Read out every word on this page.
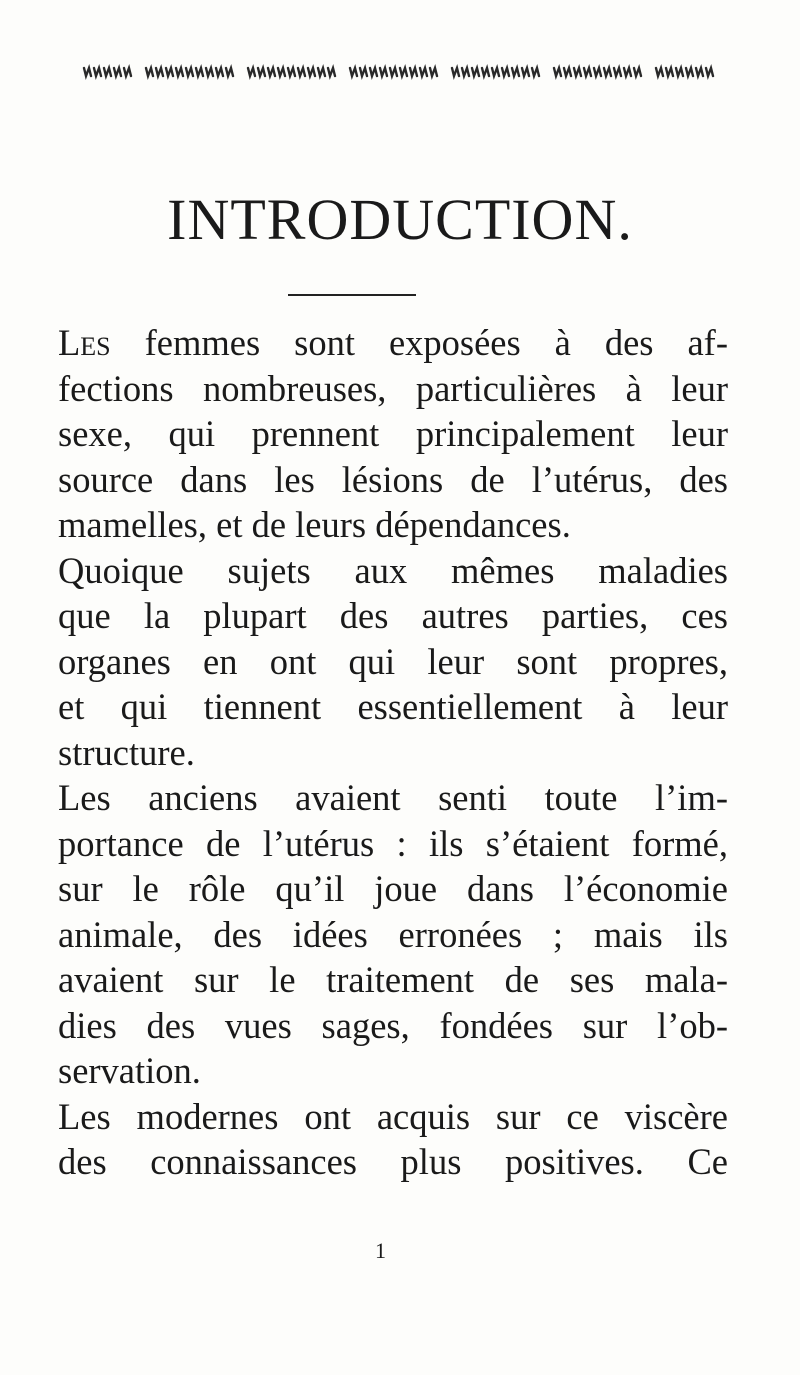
INTRODUCTION.
Les femmes sont exposées à des af-
fections nombreuses, particulières à leur
sexe, qui prennent principalement leur
source dans les lésions de l’utérus, des
mamelles, et de leurs dépendances.
Quoique sujets aux mêmes maladies
que la plupart des autres parties, ces
organes en ont qui leur sont propres,
et qui tiennent essentiellement à leur
structure.
Les anciens avaient senti toute l’im-
portance de l’utérus : ils s’étaient formé,
sur le rôle qu’il joue dans l’économie
animale, des idées erronées ; mais ils
avaient sur le traitement de ses mala-
dies des vues sages, fondées sur l’ob-
servation.
Les modernes ont acquis sur ce viscère
des connaissances plus positives. Ce
1
